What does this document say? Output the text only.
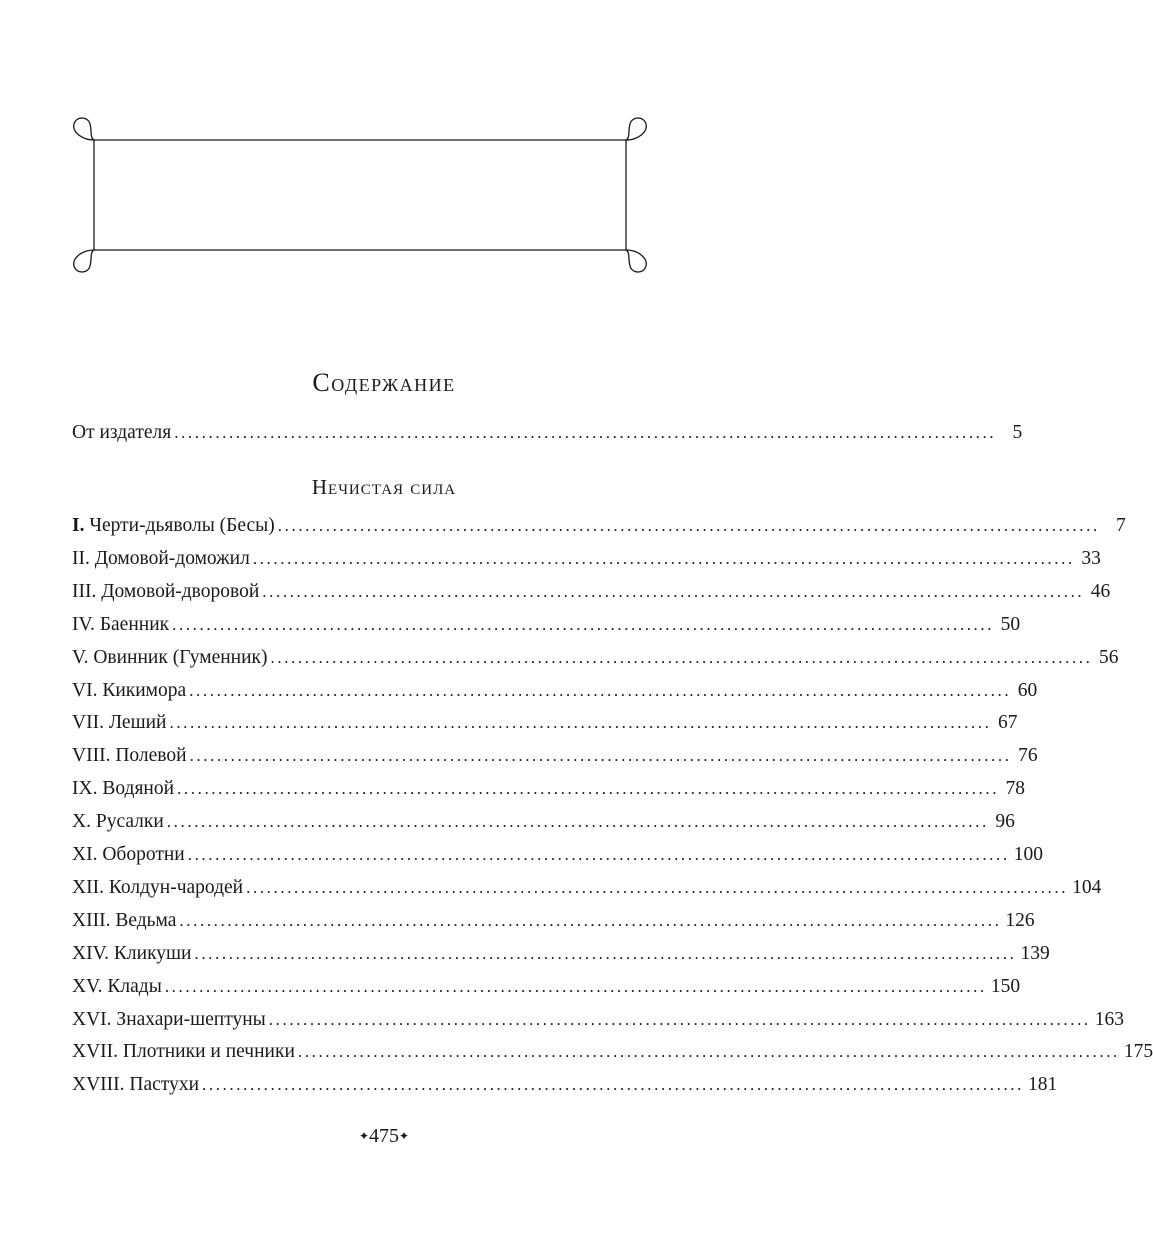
Содержание
От издателя ........................................................................................................................ 5
Нечистая сила
I. Черти-дьяволы (Бесы) ........................................................................................................................ 7
II. Домовой-доможил ........................................................................................................................ 33
III. Домовой-дворовой ........................................................................................................................ 46
IV. Баенник ........................................................................................................................ 50
V. Овинник (Гуменник) ........................................................................................................................ 56
VI. Кикимора ........................................................................................................................ 60
VII. Леший ........................................................................................................................ 67
VIII. Полевой ........................................................................................................................ 76
IX. Водяной ........................................................................................................................ 78
X. Русалки ........................................................................................................................ 96
XI. Оборотни ........................................................................................................................ 100
XII. Колдун-чародей ........................................................................................................................ 104
XIII. Ведьма ........................................................................................................................ 126
XIV. Кликуши ........................................................................................................................ 139
XV. Клады ........................................................................................................................ 150
XVI. Знахари-шептуны ........................................................................................................................ 163
XVII. Плотники и печники ........................................................................................................................ 175
XVIII. Пастухи ........................................................................................................................ 181
✦475✦
